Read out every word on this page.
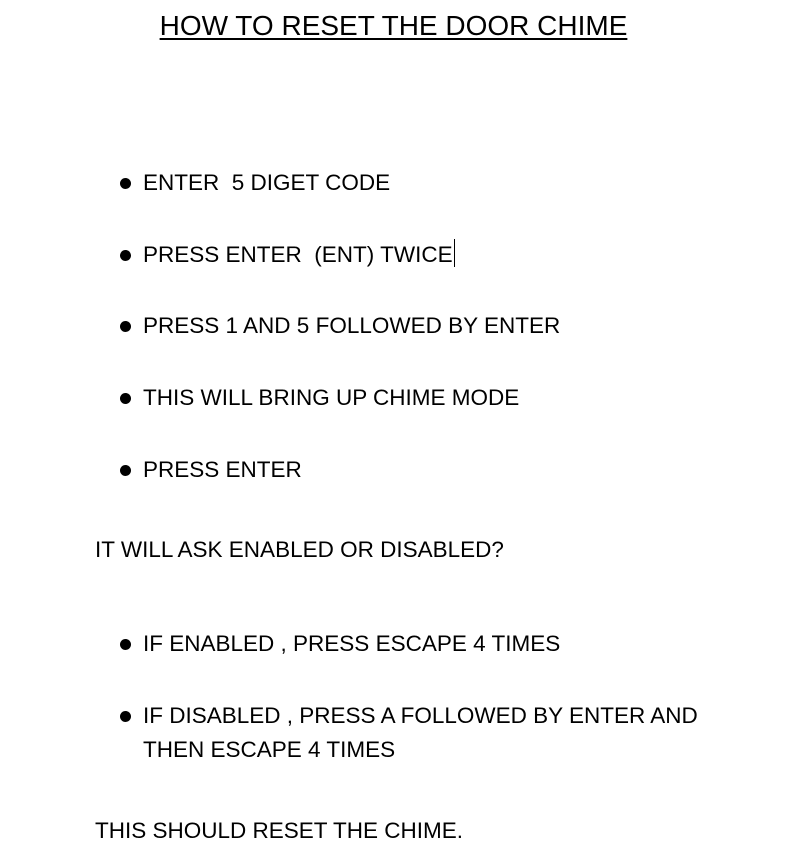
HOW TO RESET THE DOOR CHIME
ENTER  5 DIGET CODE
PRESS ENTER  (ENT) TWICE
PRESS 1 AND 5 FOLLOWED BY ENTER
THIS WILL BRING UP CHIME MODE
PRESS ENTER
IT WILL ASK ENABLED OR DISABLED?
IF ENABLED , PRESS ESCAPE 4 TIMES
IF DISABLED , PRESS A FOLLOWED BY ENTER AND THEN ESCAPE 4 TIMES
THIS SHOULD RESET THE CHIME.
